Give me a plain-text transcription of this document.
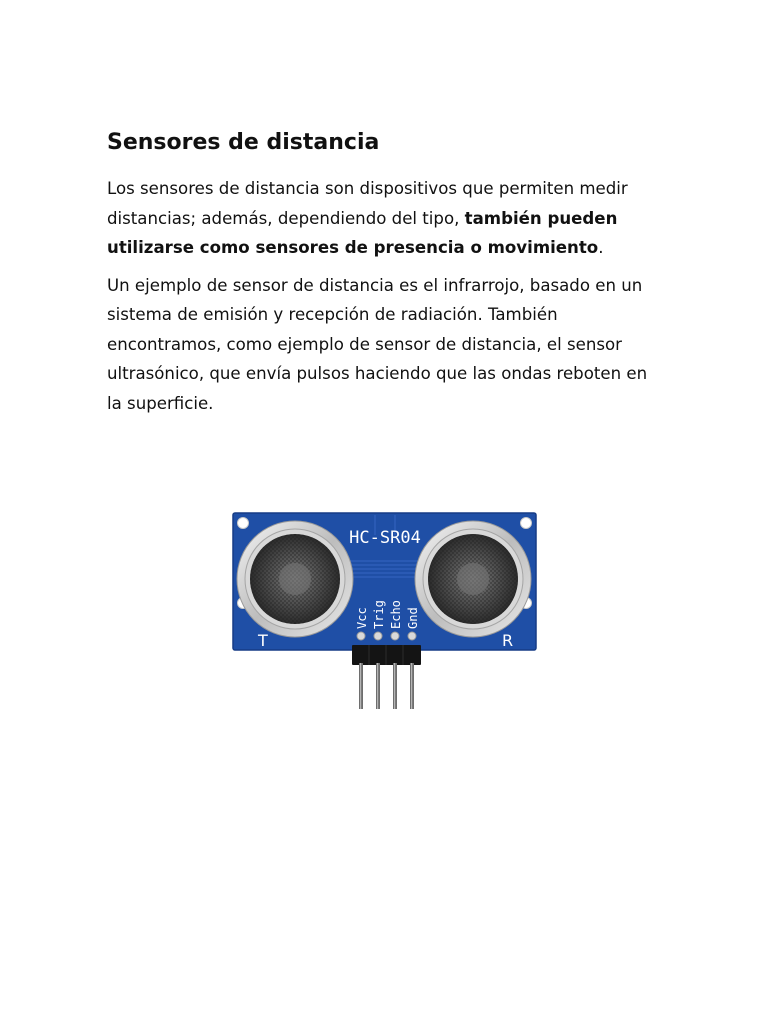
Sensores de distancia

Los sensores de distancia son dispositivos que permiten medir distancias; además, dependiendo del tipo, también pueden utilizarse como sensores de presencia o movimiento.

Un ejemplo de sensor de distancia es el infrarrojo, basado en un sistema de emisión y recepción de radiación. También encontramos, como ejemplo de sensor de distancia, el sensor ultrasónico, que envía pulsos haciendo que las ondas reboten en la superficie.

HC-SR04
T	R
Vcc Trig Echo Gnd
